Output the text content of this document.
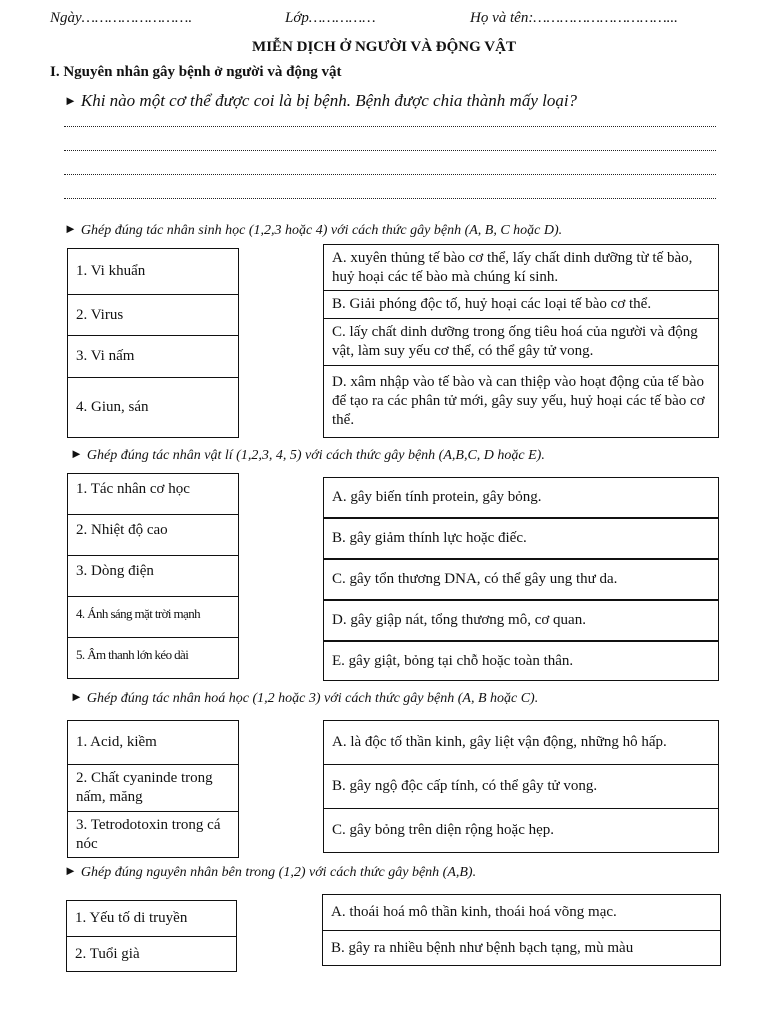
Ngày…………………….	Lớp……………	Họ và tên:…………………………...
MIỄN DỊCH Ở NGƯỜI VÀ ĐỘNG VẬT
I. Nguyên nhân gây bệnh ở người và động vật
► Khi nào một cơ thể được coi là bị bệnh. Bệnh được chia thành mấy loại?
► Ghép đúng tác nhân sinh học (1,2,3 hoặc 4) với cách thức gây bệnh (A, B, C hoặc D).
1. Vi khuẩn
2. Virus
3. Vi nấm
4. Giun, sán
A. xuyên thủng tế bào cơ thể, lấy chất dinh dưỡng từ tế bào, huỷ hoại các tế bào mà chúng kí sinh.
B. Giải phóng độc tố, huỷ hoại các loại tế bào cơ thể.
C. lấy chất dinh dưỡng trong ống tiêu hoá của người và động vật, làm suy yếu cơ thể, có thể gây tử vong.
D. xâm nhập vào tế bào và can thiệp vào hoạt động của tế bào để tạo ra các phân tử mới, gây suy yếu, huỷ hoại các tế bào cơ thể.
► Ghép đúng tác nhân vật lí (1,2,3, 4, 5) với cách thức gây bệnh (A,B,C, D hoặc E).
1. Tác nhân cơ học
2. Nhiệt độ cao
3. Dòng điện
4. Ánh sáng mặt trời mạnh
5. Âm thanh lớn kéo dài
A. gây biến tính protein, gây bỏng.
B. gây giảm thính lực hoặc điếc.
C. gây tổn thương DNA, có thể gây ung thư da.
D. gây giập nát, tổng thương mô, cơ quan.
E. gây giật, bỏng tại chỗ hoặc toàn thân.
► Ghép đúng tác nhân hoá học (1,2 hoặc 3) với cách thức gây bệnh (A, B hoặc C).
1. Acid, kiềm
2. Chất cyaninde trong nấm, măng
3. Tetrodotoxin trong cá nóc
A. là độc tố thần kinh, gây liệt vận động, những hô hấp.
B. gây ngộ độc cấp tính, có thể gây tử vong.
C. gây bỏng trên diện rộng hoặc hẹp.
► Ghép đúng nguyên nhân bên trong (1,2) với cách thức gây bệnh (A,B).
1. Yếu tố di truyền
2. Tuổi già
A. thoái hoá mô thần kinh, thoái hoá võng mạc.
B. gây ra nhiều bệnh như bệnh bạch tạng, mù màu
